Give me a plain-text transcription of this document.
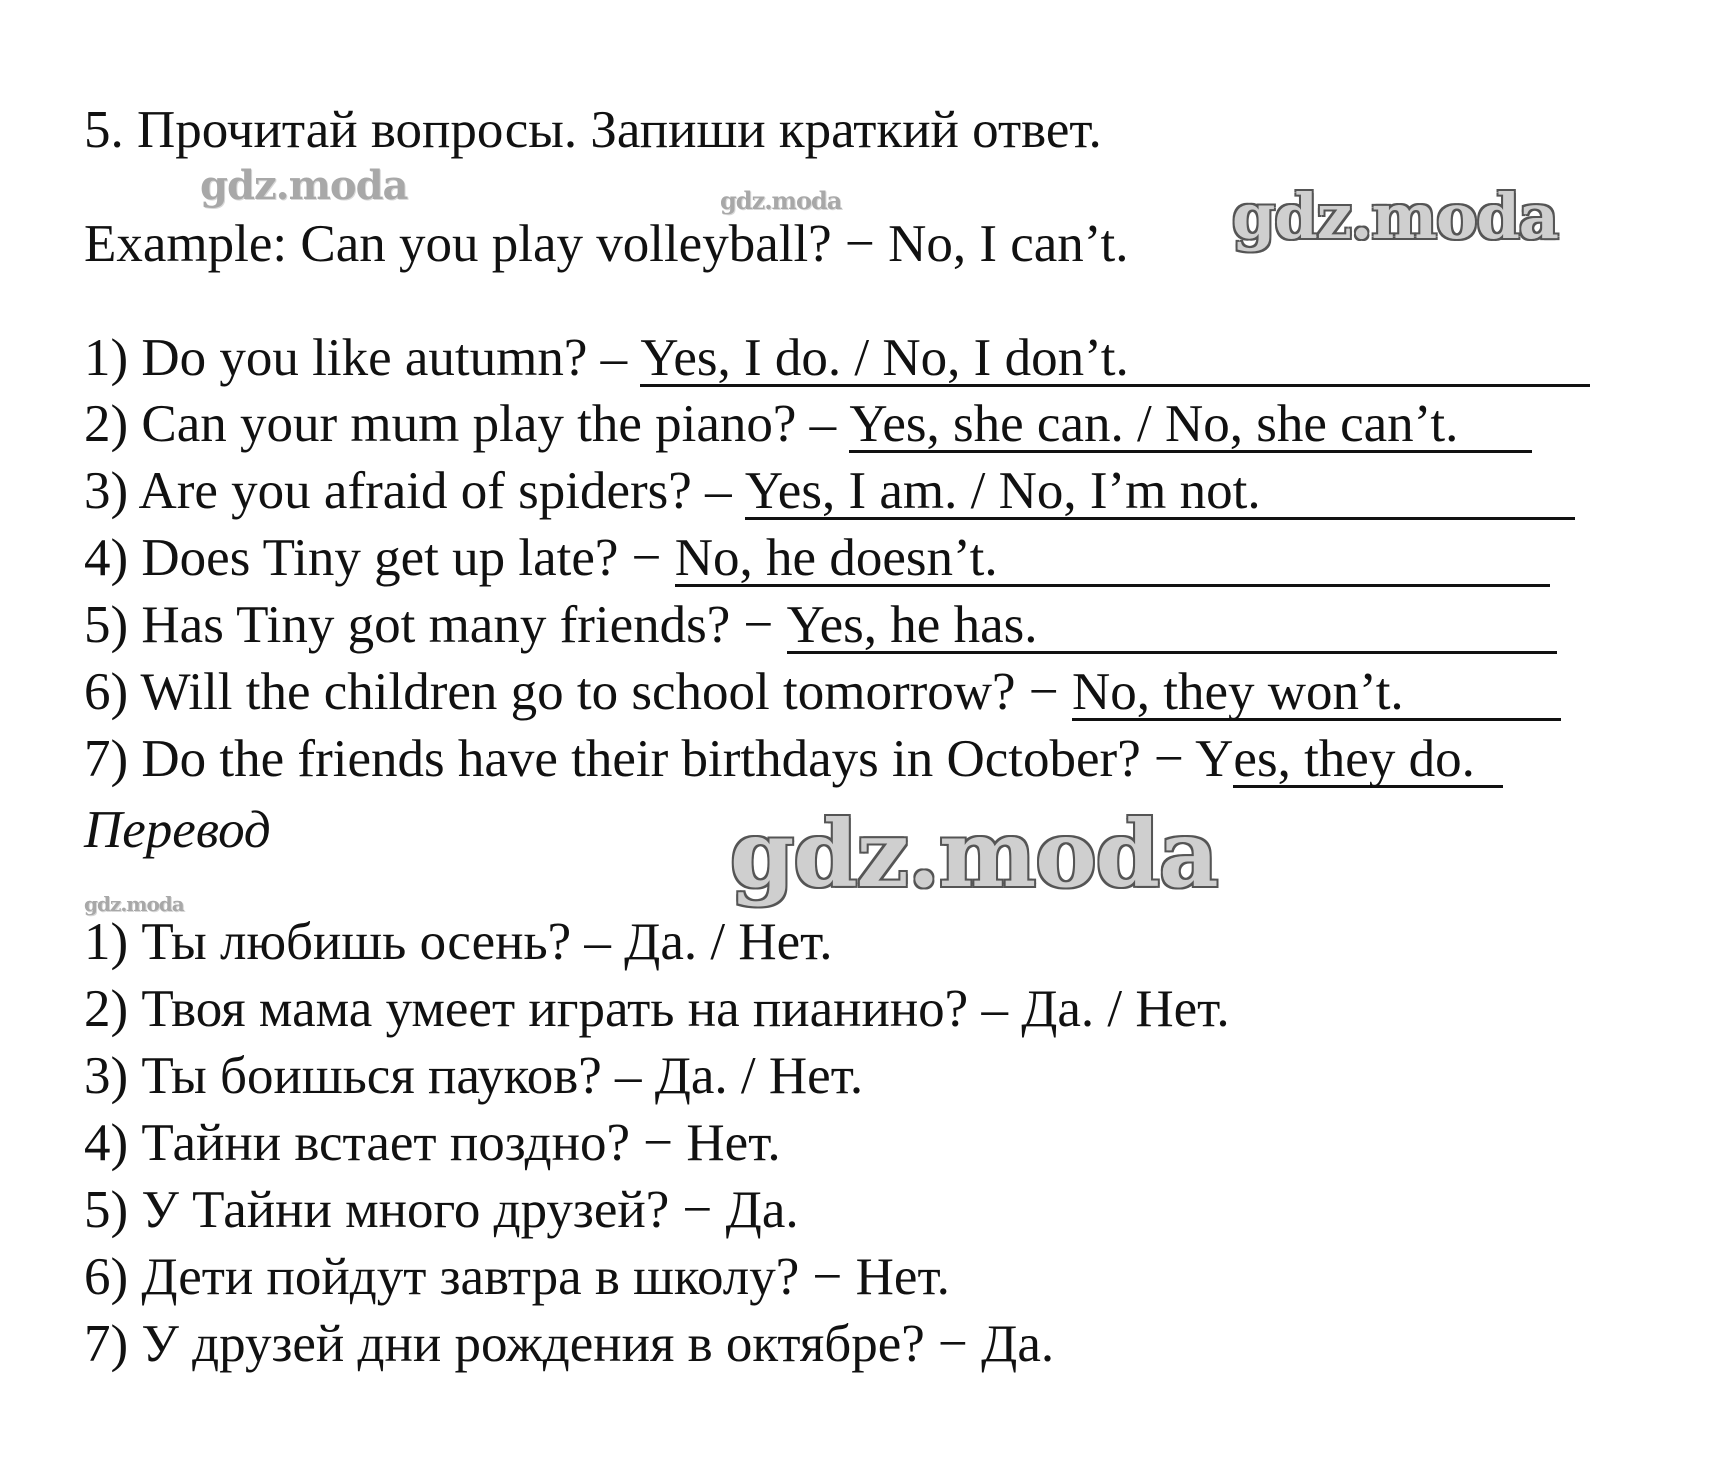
5. Прочитай вопросы. Запиши краткий ответ.
gdz.moda	gdz.moda
Example: Can you play volleyball? − No, I can’t. gdz.moda
1) Do you like autumn? – Yes, I do. / No, I don’t.
2) Can your mum play the piano? – Yes, she can. / No, she can’t.
3) Are you afraid of spiders? – Yes, I am. / No, I’m not.
4) Does Tiny get up late? − No, he doesn’t.
5) Has Tiny got many friends? − Yes, he has.
6) Will the children go to school tomorrow? − No, they won’t.
7) Do the friends have their birthdays in October? − Yes, they do.
Перевод	gdz.moda
gdz.moda
1) Ты любишь осень? – Да. / Нет.
2) Твоя мама умеет играть на пианино? – Да. / Нет.
3) Ты боишься пауков? – Да. / Нет.
4) Тайни встает поздно? − Нет.
5) У Тайни много друзей? − Да.
6) Дети пойдут завтра в школу? − Нет.
7) У друзей дни рождения в октябре? − Да.
